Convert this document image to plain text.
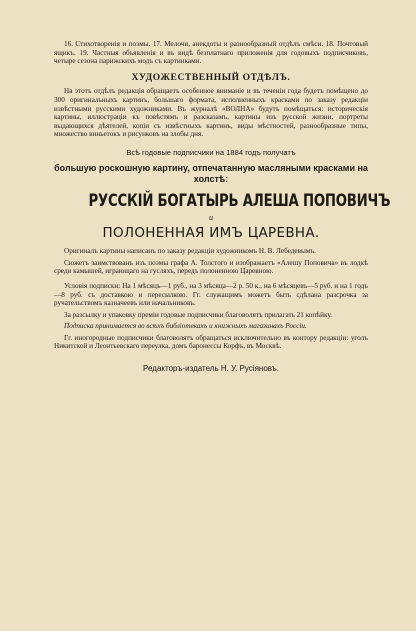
16. Стихотворенія и поэмы. 17. Мелочи, анекдоты и разнообразный отдѣлъ смѣси. 18. Почтовый ящикъ. 19. Частныя объявленія и въ видѣ безплатнаго приложенія для годовыхъ подписчиковъ, четыре сезона парижскихъ модъ съ картинками.

ХУДОЖЕСТВЕННЫЙ ОТДѢЛЪ.

На этотъ отдѣлъ редакція обращаетъ особенное вниманіе и въ теченіи года будетъ помѣщено до 300 оригинальныхъ картинъ, большаго формата, исполненныхъ красками по заказу редакціи извѣстными русскими художниками. Въ журналѣ «ВОЛНА» будутъ помѣщаться: историческія картины, иллюстраціи къ повѣстямъ и разсказамъ, картины изъ русской жизни, портреты выдающихся дѣятелей, копіи съ извѣстныхъ картинъ, виды мѣстностей, разнообразные типы, множество виньетокъ и рисунковъ на злобы дня.

Всѣ годовые подписчики на 1884 годъ получатъ

большую роскошную картину, отпечатанную масляными красками на холстѣ:

РУССКІЙ БОГАТЫРЬ АЛЕША ПОПОВИЧЪ

и

ПОЛОНЕННАЯ ИМЪ ЦАРЕВНА.

Оригиналъ картины написанъ по заказу редакціи художникомъ Н. В. Лебедевымъ.

Сюжетъ заимствованъ изъ поэмы графа А. Толстого и изображаетъ «Алешу Поповича» въ лодкѣ среди камышей, играющаго на гусляхъ, передъ полоненною Царевною.

Условія подписки: На 1 мѣсяцъ—1 руб., на 3 мѣсяца—2 р. 50 к., на 6 мѣсяцевъ—5 руб. и на 1 годъ—8 руб. съ доставкою и пересылкою. Гг. служащимъ можетъ быть сдѣлана разсрочка за ручательствомъ казначеевъ или начальниковъ.

За разсылку и упаковку преміи годовые подписчики благоволятъ прилагать 21 копѣйку.

Подписка принимается во всѣхъ библіотекахъ и книжныхъ магазинахъ Россіи.

Гг. иногородные подписчики благоволятъ обращаться исключительно въ контору редакціи: уголъ Никитской и Леонтьевскаго переулка, домъ баронессы Корфъ, въ Москвѣ.

Редакторъ-издатель Н. У. Русіяновъ.
